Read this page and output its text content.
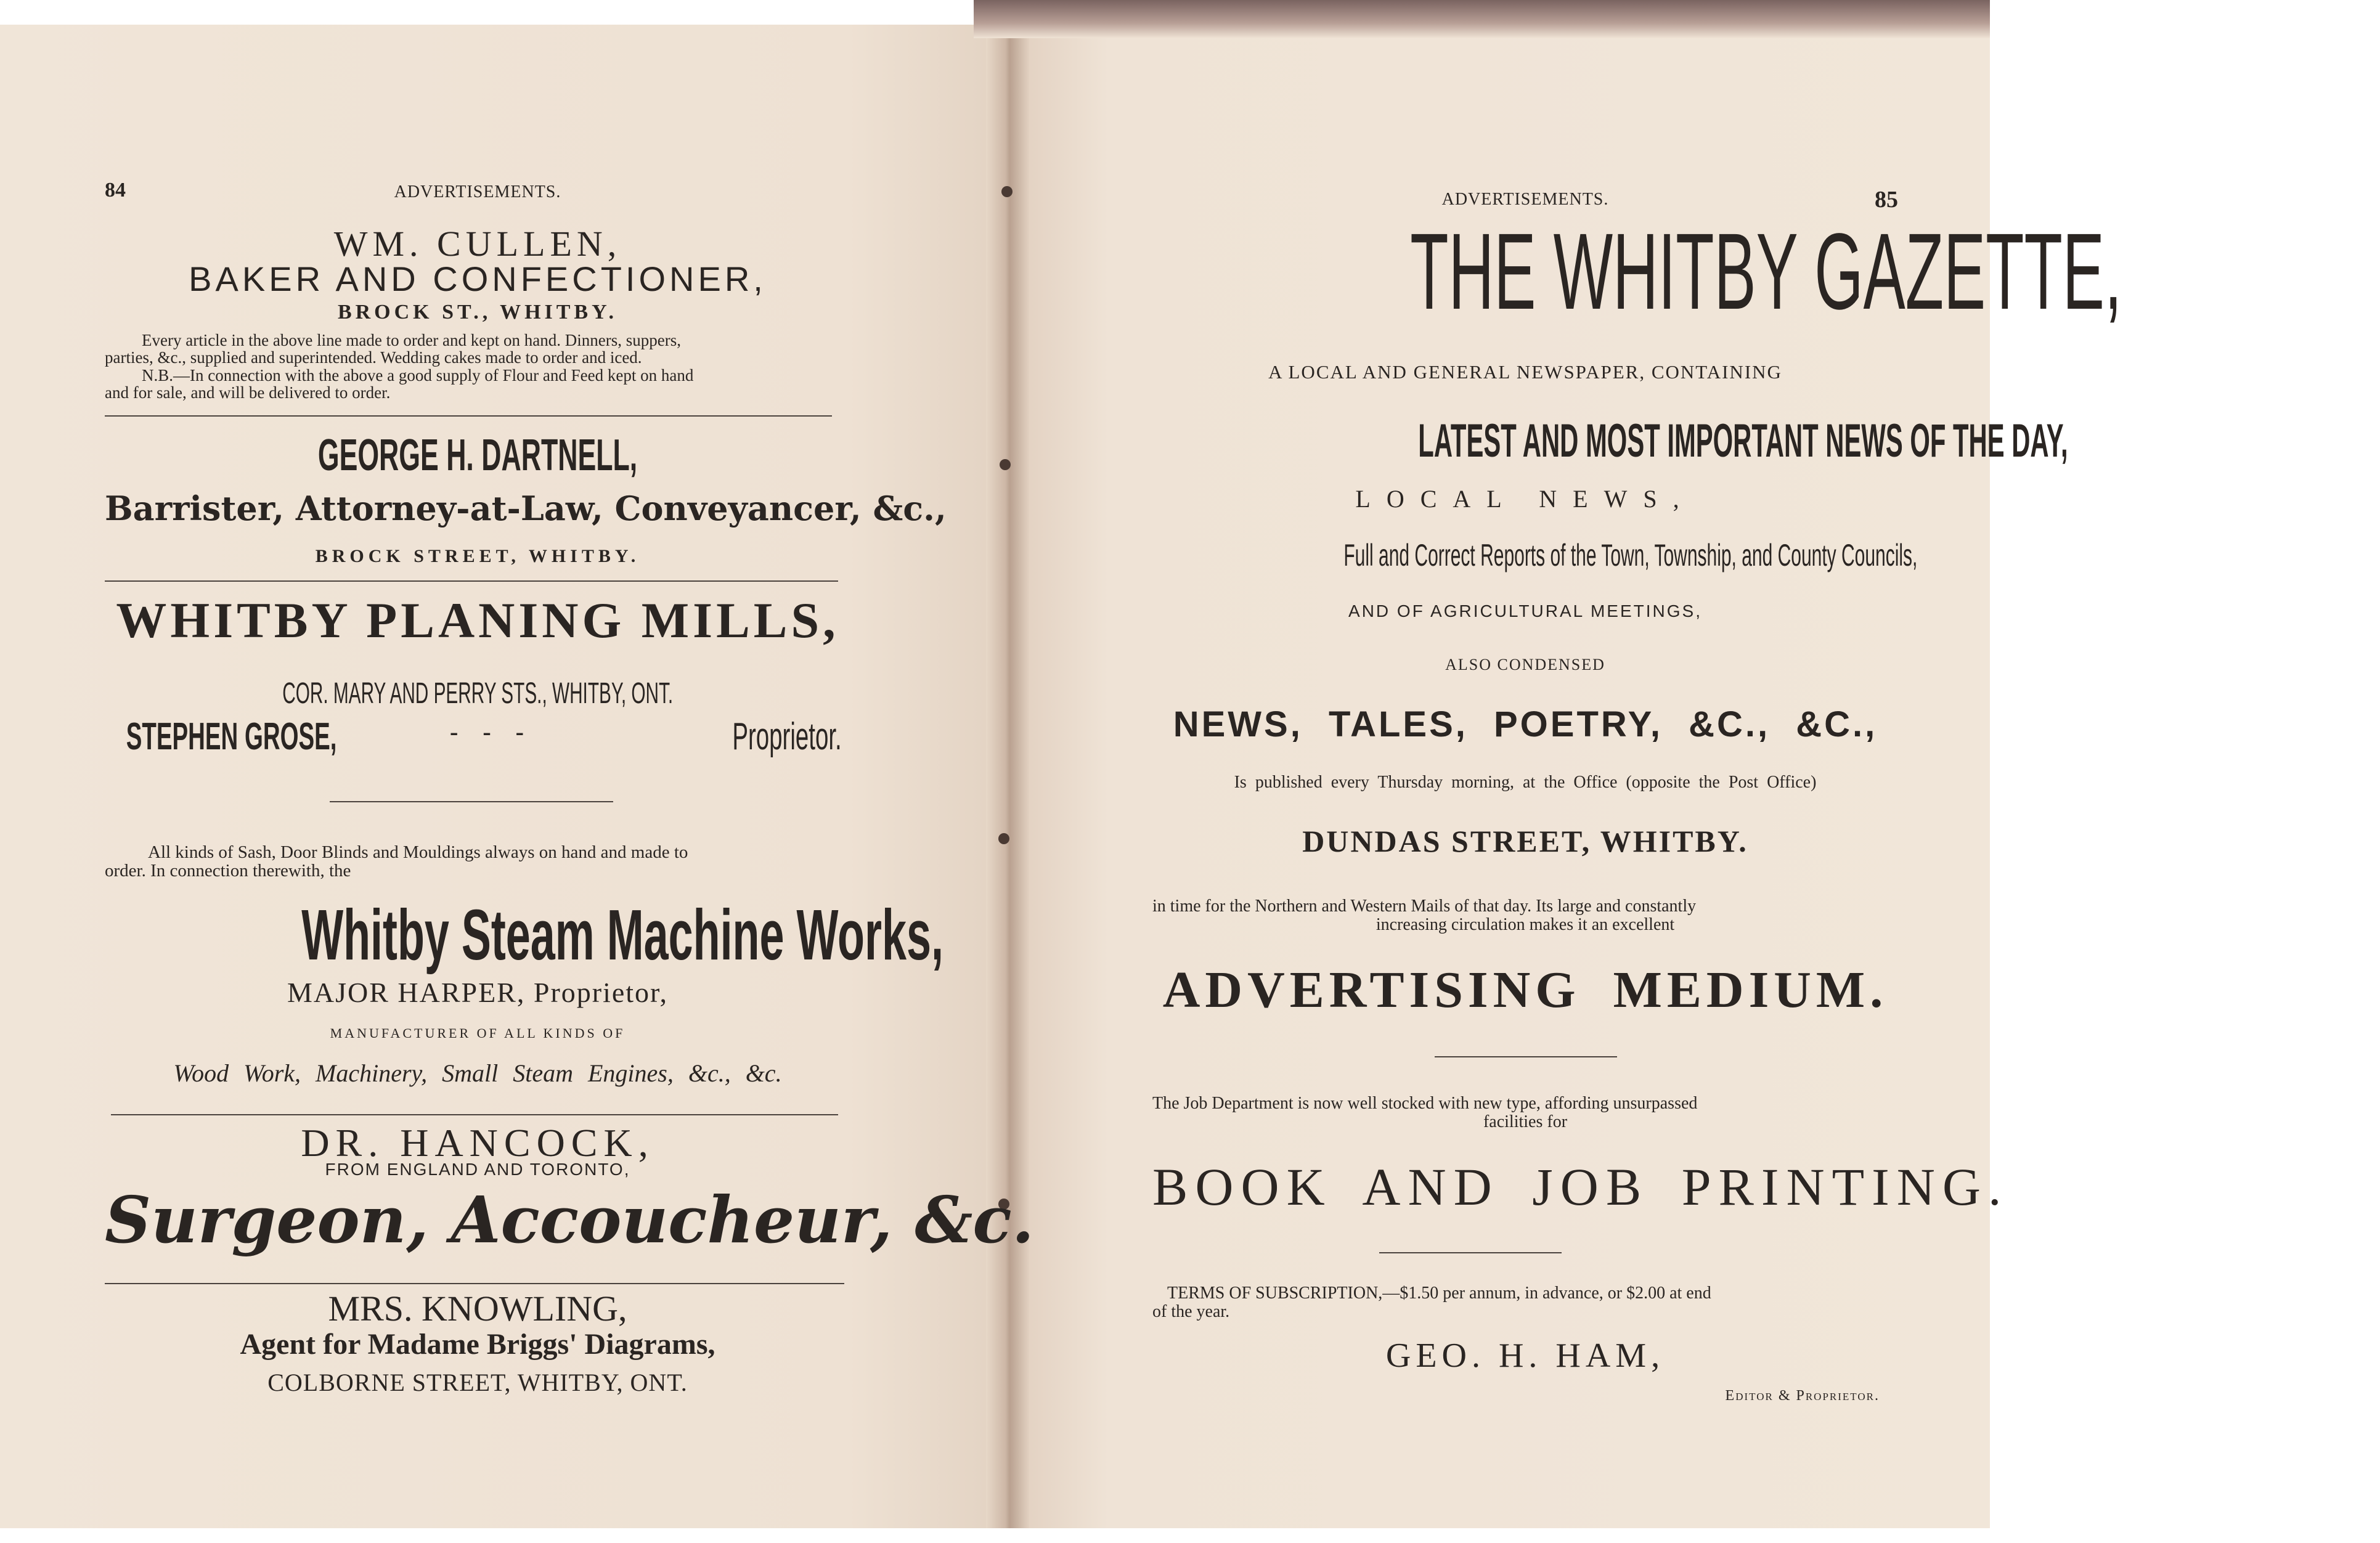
84	ADVERTISEMENTS.
WM. CULLEN,
BAKER AND CONFECTIONER,
BROCK ST., WHITBY.
Every article in the above line made to order and kept on hand. Dinners, suppers,
parties, &c., supplied and superintended. Wedding cakes made to order and iced.
N.B.—In connection with the above a good supply of Flour and Feed kept on hand
and for sale, and will be delivered to order.
GEORGE H. DARTNELL,
Barrister, Attorney-at-Law, Conveyancer, &c.,
BROCK STREET, WHITBY.
WHITBY PLANING MILLS,
COR. MARY AND PERRY STS., WHITBY, ONT.
STEPHEN GROSE,	-    -    -	Proprietor.
All kinds of Sash, Door Blinds and Mouldings always on hand and made to
order. In connection therewith, the
Whitby Steam Machine Works,
MAJOR HARPER, Proprietor,
MANUFACTURER OF ALL KINDS OF
Wood Work, Machinery, Small Steam Engines, &c., &c.
DR. HANCOCK,
FROM ENGLAND AND TORONTO,
Surgeon, Accoucheur, &c.
MRS. KNOWLING,
Agent for Madame Briggs' Diagrams,
COLBORNE STREET, WHITBY, ONT.
ADVERTISEMENTS.	85
THE WHITBY GAZETTE,
A LOCAL AND GENERAL NEWSPAPER, CONTAINING
LATEST AND MOST IMPORTANT NEWS OF THE DAY,
LOCAL NEWS,
Full and Correct Reports of the Town, Township, and County Councils,
AND OF AGRICULTURAL MEETINGS,
ALSO CONDENSED
NEWS, TALES, POETRY, &C., &C.,
Is published every Thursday morning, at the Office (opposite the Post Office)
DUNDAS STREET, WHITBY.
in time for the Northern and Western Mails of that day. Its large and constantly
increasing circulation makes it an excellent
ADVERTISING MEDIUM.
The Job Department is now well stocked with new type, affording unsurpassed
facilities for
BOOK AND JOB PRINTING.
TERMS OF SUBSCRIPTION,—$1.50 per annum, in advance, or $2.00 at end
of the year.
GEO. H. HAM,
Editor & Proprietor.
